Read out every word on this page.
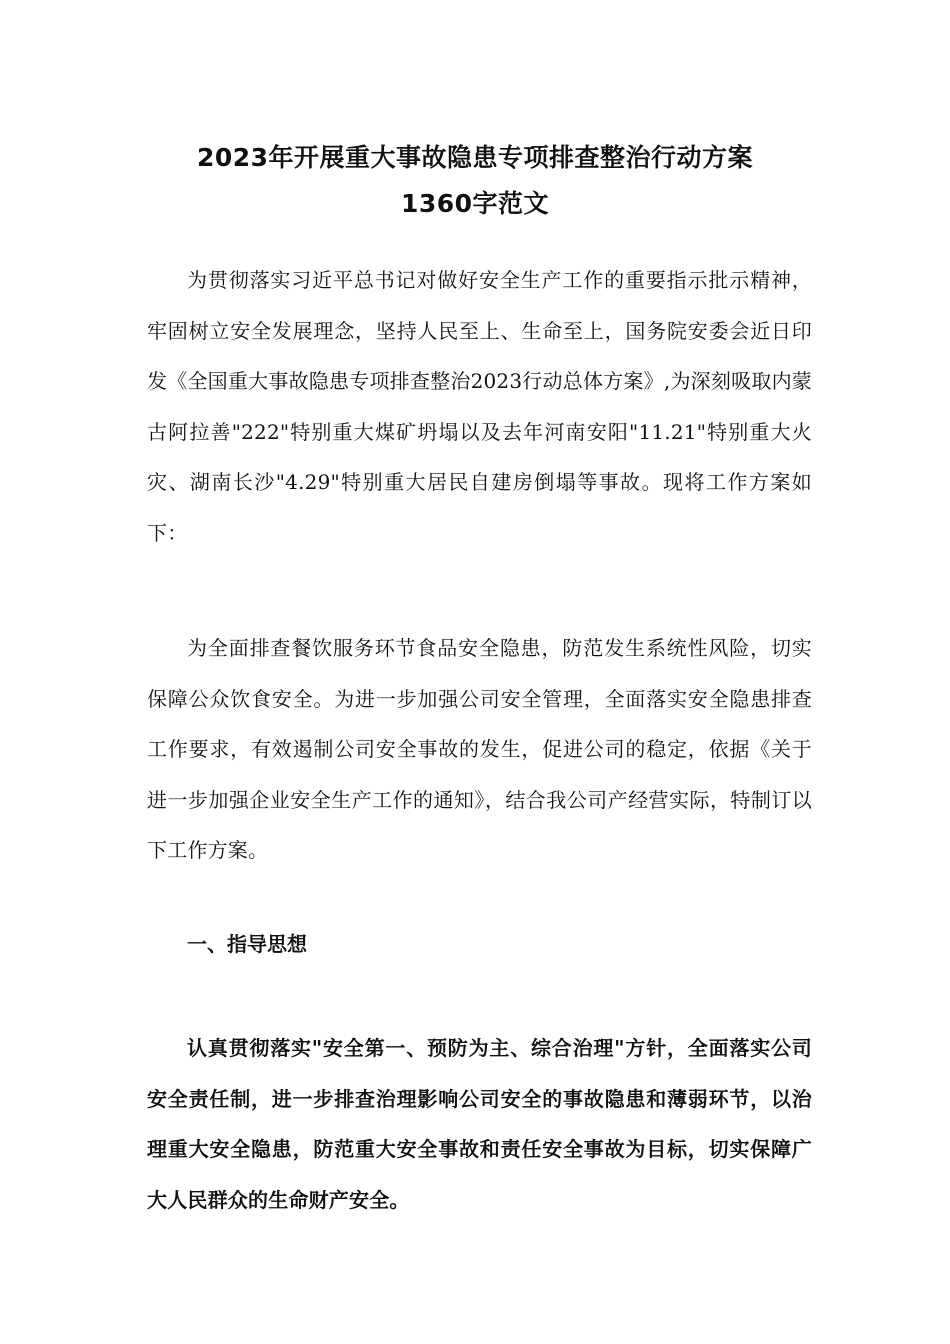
2023年开展重大事故隐患专项排查整治行动方案
1360字范文

为贯彻落实习近平总书记对做好安全生产工作的重要指示批示精神，牢固树立安全发展理念，坚持人民至上、生命至上，国务院安委会近日印发《全国重大事故隐患专项排查整治2023行动总体方案》,为深刻吸取内蒙古阿拉善"222"特别重大煤矿坍塌以及去年河南安阳"11.21"特别重大火灾、湖南长沙"4.29"特别重大居民自建房倒塌等事故。现将工作方案如下：

为全面排查餐饮服务环节食品安全隐患，防范发生系统性风险，切实保障公众饮食安全。为进一步加强公司安全管理，全面落实安全隐患排查工作要求，有效遏制公司安全事故的发生，促进公司的稳定，依据《关于进一步加强企业安全生产工作的通知》，结合我公司产经营实际，特制订以下工作方案。

一、指导思想

认真贯彻落实"安全第一、预防为主、综合治理"方针，全面落实公司安全责任制，进一步排查治理影响公司安全的事故隐患和薄弱环节，以治理重大安全隐患，防范重大安全事故和责任安全事故为目标，切实保障广大人民群众的生命财产安全。
